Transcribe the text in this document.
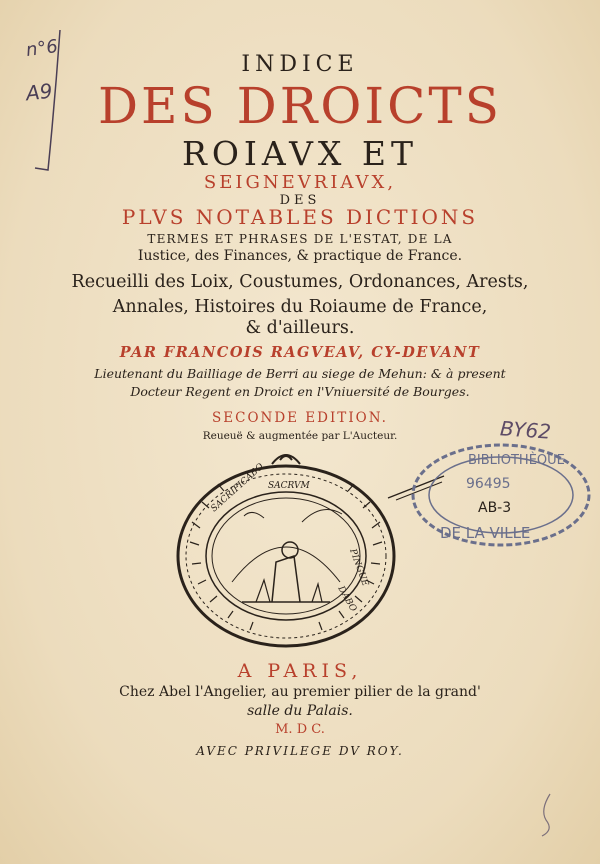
n°6
A9
INDICE
DES DROICTS
ROIAVX ET
SEIGNEVRIAVX,
DES
PLVS NOTABLES DICTIONS
TERMES ET PHRASES DE L'ESTAT, DE LA
Iustice, des Finances, & practique de France.
Recueilli des Loix, Coustumes, Ordonances, Arests,
Annales, Histoires du Roiaume de France,
& d'ailleurs.
PAR FRANCOIS RAGVEAV, CY-DEVANT
Lieutenant du Bailliage de Berri au siege de Mehun: & à present
Docteur Regent en Droict en l'Vniuersité de Bourges.
SECONDE EDITION.
Reueuë & augmentée par L'Aucteur.
SACRVM
PINGUE
SACRIFICABO
DABO
BIBLIOTHÈQUE
96495
AB-3
DE LA VILLE
BY62
A PARIS,
Chez Abel l'Angelier, au premier pilier de la grand'
salle du Palais.
M. D C.
AVEC PRIVILEGE DV ROY.
